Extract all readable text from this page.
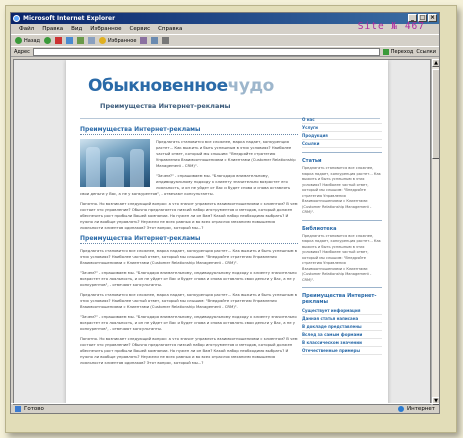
Microsoft Internet Explorer	_ □ ×
Файл Правка Вид Избранное Сервис Справка	Site № 467
Назад	Избранное
Адрес	Переход Ссылки
Обыкновенноечудо
Преимущества Интернет-рекламы
Преимущества Интернет-рекламы
Предлагать становится все сложнее, марка падает, конкуренция растет... Как выжить и быть успешным в этих условиях? Наиболее частый ответ, который мы слышим: "Внедряйте стратегию Управления Взаимоотношениями с Клиентами (Customer Relationship Management - CRM)".
"Зачем?" - спрашиваем мы. "Благодаря внимательному, индивидуальному подходу к клиенту значительно возрастет его лояльность, и он не уйдет от Вас и будет снова и снова оставлять свои деньги у Вас, а не у конкурентов", - отвечают консультанты.
Понятно. Но возникает следующий вопрос: а что значит управлять взаимоотношениями с клиентом? В чем состоит это управление? Обычно предлагается низкий набор инструментов и методов, который должен обеспечить рост прибыли Вашей компании. Но нужен ли он Вам? Какой набор необходимо выбрать? И нужно ли вообще управлять? Неужели не всех равных и во всех отраслях механизм повышения лояльности клиентов одинаков? Этот вопрос, который мы...?
Преимущества Интернет-рекламы
Предлагать становится все сложнее, марка падает, конкуренция растет... Как выжить и быть успешным в этих условиях? Наиболее частый ответ, который мы слышим: "Внедряйте стратегию Управления Взаимоотношениями с Клиентами (Customer Relationship Management - CRM)".
"Зачем?" - спрашиваем мы. "Благодаря внимательному, индивидуальному подходу к клиенту значительно возрастет его лояльность, и он не уйдет от Вас и будет снова и снова оставлять свои деньги у Вас, а не у конкурентов", - отвечают консультанты.
Предлагать становится все сложнее, марка падает, конкуренция растет... Как выжить и быть успешным в этих условиях? Наиболее частый ответ, который мы слышим: "Внедряйте стратегию Управления Взаимоотношениями с Клиентами (Customer Relationship Management - CRM)".
"Зачем?" - спрашиваем мы. "Благодаря внимательному, индивидуальному подходу к клиенту значительно возрастет его лояльность, и он не уйдет от Вас и будет снова и снова оставлять свои деньги у Вас, а не у конкурентов", - отвечают консультанты.
Понятно. Но возникает следующий вопрос: а что значит управлять взаимоотношениями с клиентом? В чем состоит это управление? Обычно предлагается низкий набор инструментов и методов, который должен обеспечить рост прибыли Вашей компании. Но нужен ли он Вам? Какой набор необходимо выбрать? И нужно ли вообще управлять? Неужели не всех равных и во всех отраслях механизм повышения лояльности клиентов одинаков? Этот вопрос, который мы...?
О нас
Услуги
Продукция
Ссылки
Статьи
Предлагать становится все сложнее, марка падает, конкуренция растет... Как выжить и быть успешным в этих условиях? Наиболее частый ответ, который мы слышим: "Внедряйте стратегию Управления Взаимоотношениями с Клиентами (Customer Relationship Management - CRM)".
Библиотека
Предлагать становится все сложнее, марка падает, конкуренция растет... Как выжить и быть успешным в этих условиях? Наиболее частый ответ, который мы слышим: "Внедряйте стратегию Управления Взаимоотношениями с Клиентами (Customer Relationship Management - CRM)".
Преимущества Интернет-рекламы
Существует информация
Данная статья написана
В докладе представлены
Вслед за самым формами
В классическом значении
Отечественные примеры
▲
▼
Готово	Интернет
